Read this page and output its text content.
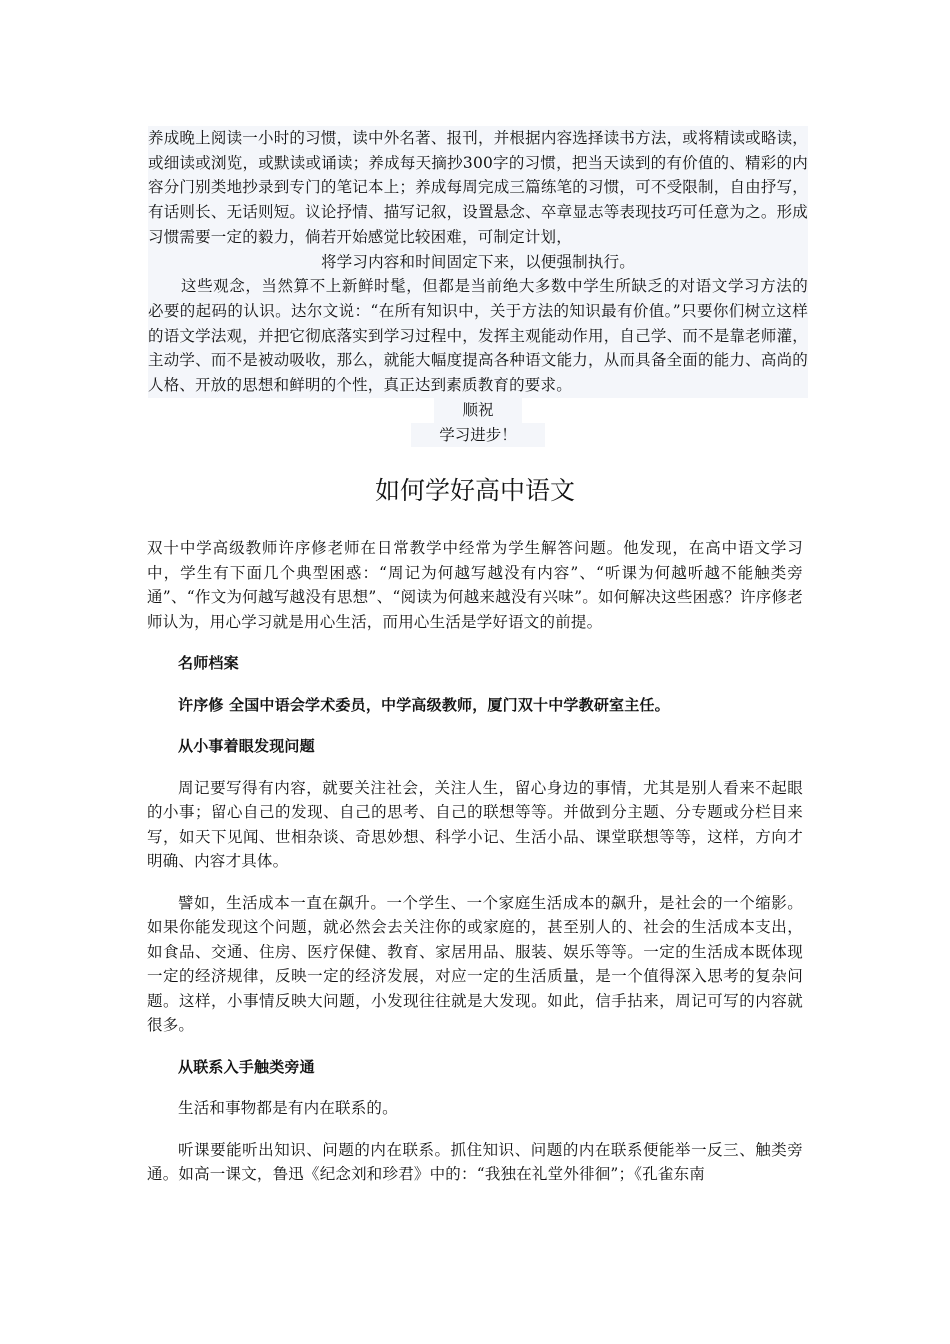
养成晚上阅读一小时的习惯，读中外名著、报刊，并根据内容选择读书方法，或将精读或略读，或细读或浏览，或默读或诵读；养成每天摘抄300字的习惯，把当天读到的有价值的、精彩的内容分门别类地抄录到专门的笔记本上；养成每周完成三篇练笔的习惯，可不受限制，自由抒写，有话则长、无话则短。议论抒情、描写记叙，设置悬念、卒章显志等表现技巧可任意为之。形成习惯需要一定的毅力，倘若开始感觉比较困难，可制定计划，

将学习内容和时间固定下来，以便强制执行。

这些观念，当然算不上新鲜时髦，但都是当前绝大多数中学生所缺乏的对语文学习方法的必要的起码的认识。达尔文说：“在所有知识中，关于方法的知识最有价值。”只要你们树立这样的语文学法观，并把它彻底落实到学习过程中，发挥主观能动作用，自己学、而不是靠老师灌，主动学、而不是被动吸收，那么，就能大幅度提高各种语文能力，从而具备全面的能力、高尚的人格、开放的思想和鲜明的个性，真正达到素质教育的要求。

顺祝
学习进步！
如何学好高中语文

双十中学高级教师许序修老师在日常教学中经常为学生解答问题。他发现，在高中语文学习中，学生有下面几个典型困惑：“周记为何越写越没有内容”、“听课为何越听越不能触类旁通”、“作文为何越写越没有思想”、“阅读为何越来越没有兴味”。如何解决这些困惑？许序修老师认为，用心学习就是用心生活，而用心生活是学好语文的前提。

名师档案

许序修 全国中语会学术委员，中学高级教师，厦门双十中学教研室主任。

从小事着眼发现问题

周记要写得有内容，就要关注社会，关注人生，留心身边的事情，尤其是别人看来不起眼的小事；留心自己的发现、自己的思考、自己的联想等等。并做到分主题、分专题或分栏目来写，如天下见闻、世相杂谈、奇思妙想、科学小记、生活小品、课堂联想等等，这样，方向才明确、内容才具体。

譬如，生活成本一直在飙升。一个学生、一个家庭生活成本的飙升，是社会的一个缩影。如果你能发现这个问题，就必然会去关注你的或家庭的，甚至别人的、社会的生活成本支出，如食品、交通、住房、医疗保健、教育、家居用品、服装、娱乐等等。一定的生活成本既体现一定的经济规律，反映一定的经济发展，对应一定的生活质量，是一个值得深入思考的复杂问题。这样，小事情反映大问题，小发现往往就是大发现。如此，信手拈来，周记可写的内容就很多。

从联系入手触类旁通

生活和事物都是有内在联系的。

听课要能听出知识、问题的内在联系。抓住知识、问题的内在联系便能举一反三、触类旁通。如高一课文，鲁迅《纪念刘和珍君》中的：“我独在礼堂外徘徊”；《孔雀东南
